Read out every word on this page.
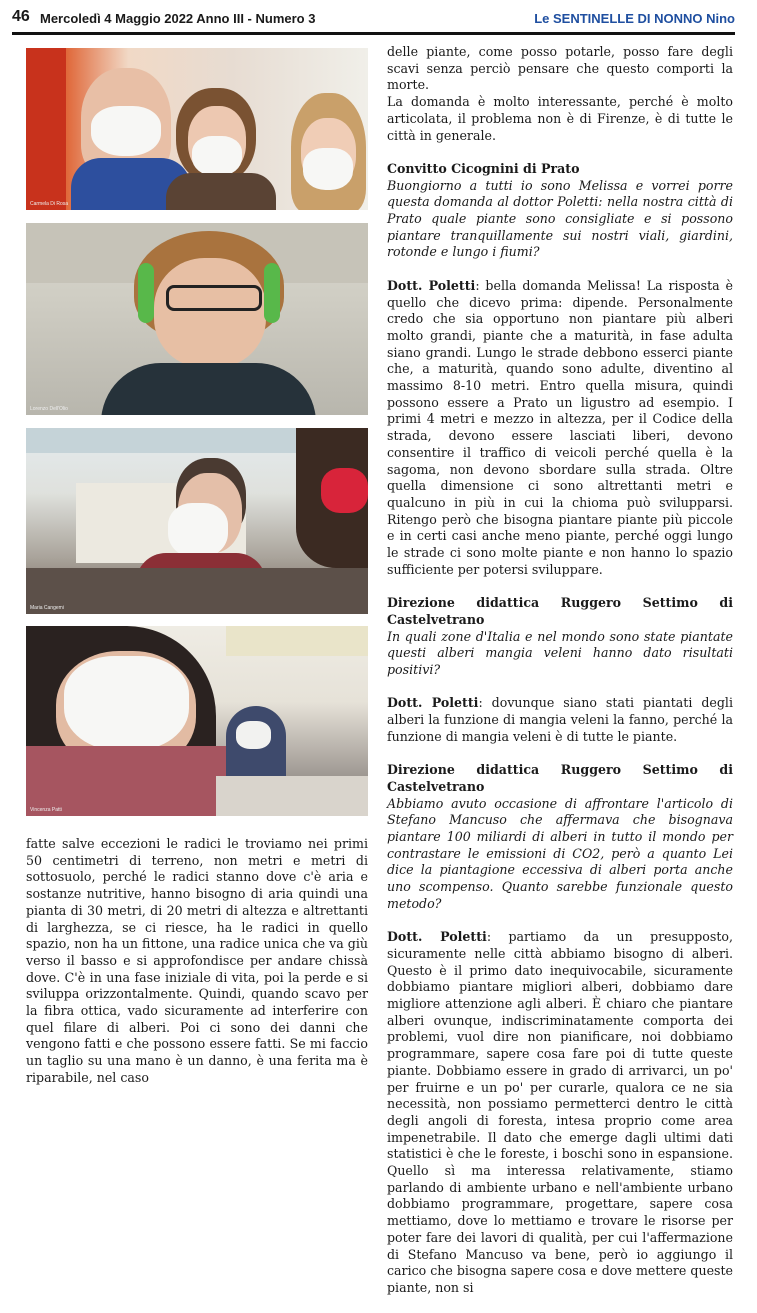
46 Mercoledì 4 Maggio 2022 Anno III - Numero 3	Le SENTINELLE DI NONNO Nino
Carmela Di Rosa
Lorenzo Dell'Olio
Maria Cangemi
Vincenza Patti

delle piante, come posso potarle, posso fare degli scavi senza perciò pensare che questo comporti la morte.

La domanda è molto interessante, perché è molto articolata, il problema non è di Firenze, è di tutte le città in generale.

Convitto Cicognini di Prato
Buongiorno a tutti io sono Melissa e vorrei porre questa domanda al dottor Poletti: nella nostra città di Prato quale piante sono consigliate e si possono piantare tranquillamente sui nostri viali, giardini, rotonde e lungo i fiumi?

Dott. Poletti: bella domanda Melissa! La risposta è quello che dicevo prima: dipende. Personalmente credo che sia opportuno non piantare più alberi molto grandi, piante che a maturità, in fase adulta siano grandi. Lungo le strade debbono esserci piante che, a maturità, quando sono adulte, diventino al massimo 8-10 metri. Entro quella misura, quindi possono essere a Prato un ligustro ad esempio. I primi 4 metri e mezzo in altezza, per il Codice della strada, devono essere lasciati liberi, devono consentire il traffico di veicoli perché quella è la sagoma, non devono sbordare sulla strada. Oltre quella dimensione ci sono altrettanti metri e qualcuno in più in cui la chioma può svilupparsi. Ritengo però che bisogna piantare piante più piccole e in certi casi anche meno piante, perché oggi lungo le strade ci sono molte piante e non hanno lo spazio sufficiente per potersi sviluppare.

Direzione didattica Ruggero Settimo di Castelvetrano
In quali zone d'Italia e nel mondo sono state piantate questi alberi mangia veleni hanno dato risultati positivi?

Dott. Poletti: dovunque siano stati piantati degli alberi la funzione di mangia veleni la fanno, perché la funzione di mangia veleni è di tutte le piante.

Direzione didattica Ruggero Settimo di Castelvetrano
Abbiamo avuto occasione di affrontare l'articolo di Stefano Mancuso che affermava che bisognava piantare 100 miliardi di alberi in tutto il mondo per contrastare le emissioni di CO2, però a quanto Lei dice la piantagione eccessiva di alberi porta anche uno scompenso. Quanto sarebbe funzionale questo metodo?

Dott. Poletti: partiamo da un presupposto, sicuramente nelle città abbiamo bisogno di alberi. Questo è il primo dato inequivocabile, sicuramente dobbiamo piantare migliori alberi, dobbiamo dare migliore attenzione agli alberi. È chiaro che piantare alberi ovunque, indiscriminatamente comporta dei problemi, vuol dire non pianificare, noi dobbiamo programmare, sapere cosa fare poi di tutte queste piante. Dobbiamo essere in grado di arrivarci, un po' per fruirne e un po' per curarle, qualora ce ne sia necessità, non possiamo permetterci dentro le città degli angoli di foresta, intesa proprio come area impenetrabile. Il dato che emerge dagli ultimi dati statistici è che le foreste, i boschi sono in espansione. Quello sì ma interessa relativamente, stiamo parlando di ambiente urbano e nell'ambiente urbano dobbiamo programmare, progettare, sapere cosa mettiamo, dove lo mettiamo e trovare le risorse per poter fare dei lavori di qualità, per cui l'affermazione di Stefano Mancuso va bene, però io aggiungo il carico che bisogna sapere cosa e dove mettere queste piante, non si

fatte salve eccezioni le radici le troviamo nei primi 50 centimetri di terreno, non metri e metri di sottosuolo, perché le radici stanno dove c'è aria e sostanze nutritive, hanno bisogno di aria quindi una pianta di 30 metri, di 20 metri di altezza e altrettanti di larghezza, se ci riesce, ha le radici in quello spazio, non ha un fittone, una radice unica che va giù verso il basso e si approfondisce per andare chissà dove. C'è in una fase iniziale di vita, poi la perde e si sviluppa orizzontalmente. Quindi, quando scavo per la fibra ottica, vado sicuramente ad interferire con quel filare di alberi. Poi ci sono dei danni che vengono fatti e che possono essere fatti. Se mi faccio un taglio su una mano è un danno, è una ferita ma è riparabile, nel caso
